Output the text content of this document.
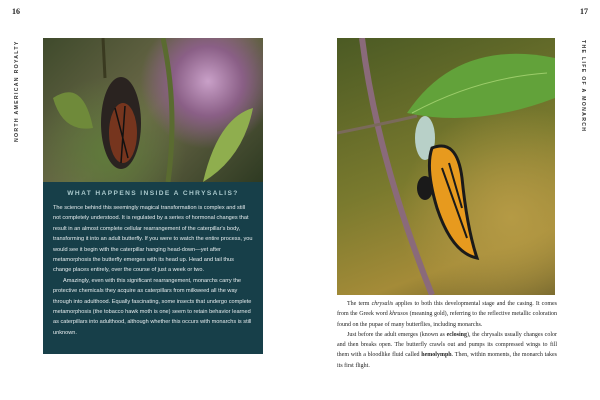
16	17
NORTH AMERICAN ROYALTY	THE LIFE OF A MONARCH
WHAT HAPPENS INSIDE A CHRYSALIS?

The science behind this seemingly magical transformation is complex and still not completely understood. It is regulated by a series of hormonal changes that result in an almost complete cellular rearrangement of the caterpillar's body, transforming it into an adult butterfly. If you were to watch the entire process, you would see it begin with the caterpillar hanging head-down—yet after metamorphosis the butterfly emerges with its head up. Head and tail thus change places entirely, over the course of just a week or two.

Amazingly, even with this significant rearrangement, monarchs carry the protective chemicals they acquire as caterpillars from milkweed all the way through into adulthood. Equally fascinating, some insects that undergo complete metamorphosis (the tobacco hawk moth is one) seem to retain behavior learned as caterpillars into adulthood, although whether this occurs with monarchs is still unknown.

The term chrysalis applies to both this developmental stage and the casing. It comes from the Greek word khrusos (meaning gold), referring to the reflective metallic coloration found on the pupae of many butterflies, including monarchs.

Just before the adult emerges (known as eclosing), the chrysalis usually changes color and then breaks open. The butterfly crawls out and pumps its compressed wings to fill them with a bloodlike fluid called hemolymph. Then, within moments, the monarch takes its first flight.
